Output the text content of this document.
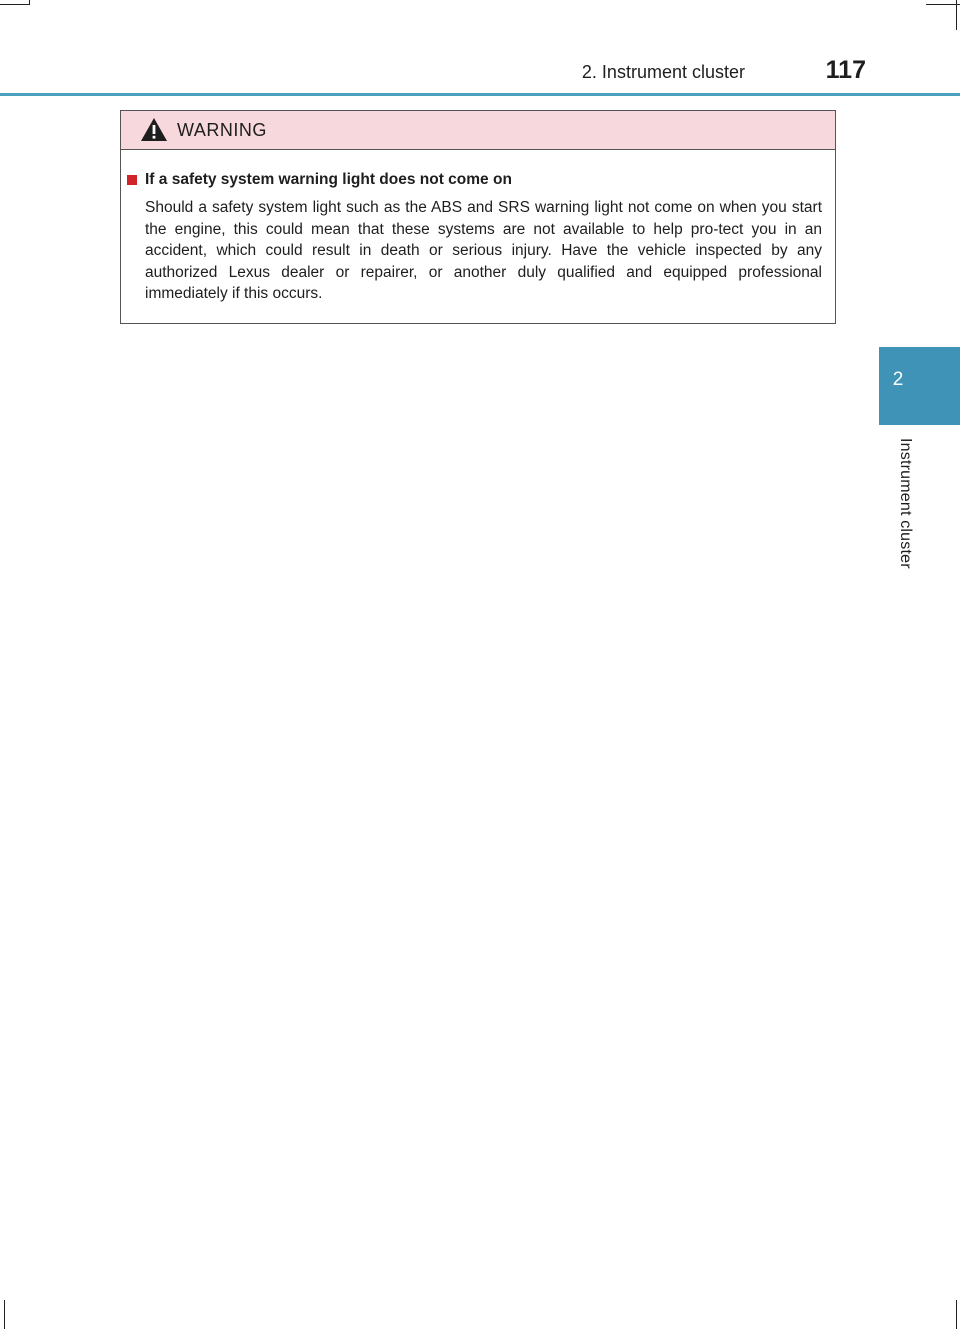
2. Instrument cluster	117
2
Instrument cluster
WARNING
If a safety system warning light does not come on
Should a safety system light such as the ABS and SRS warning light not come on when you start the engine, this could mean that these systems are not available to help pro-tect you in an accident, which could result in death or serious injury. Have the vehicle inspected by any authorized Lexus dealer or repairer, or another duly qualified and equipped professional immediately if this occurs.
